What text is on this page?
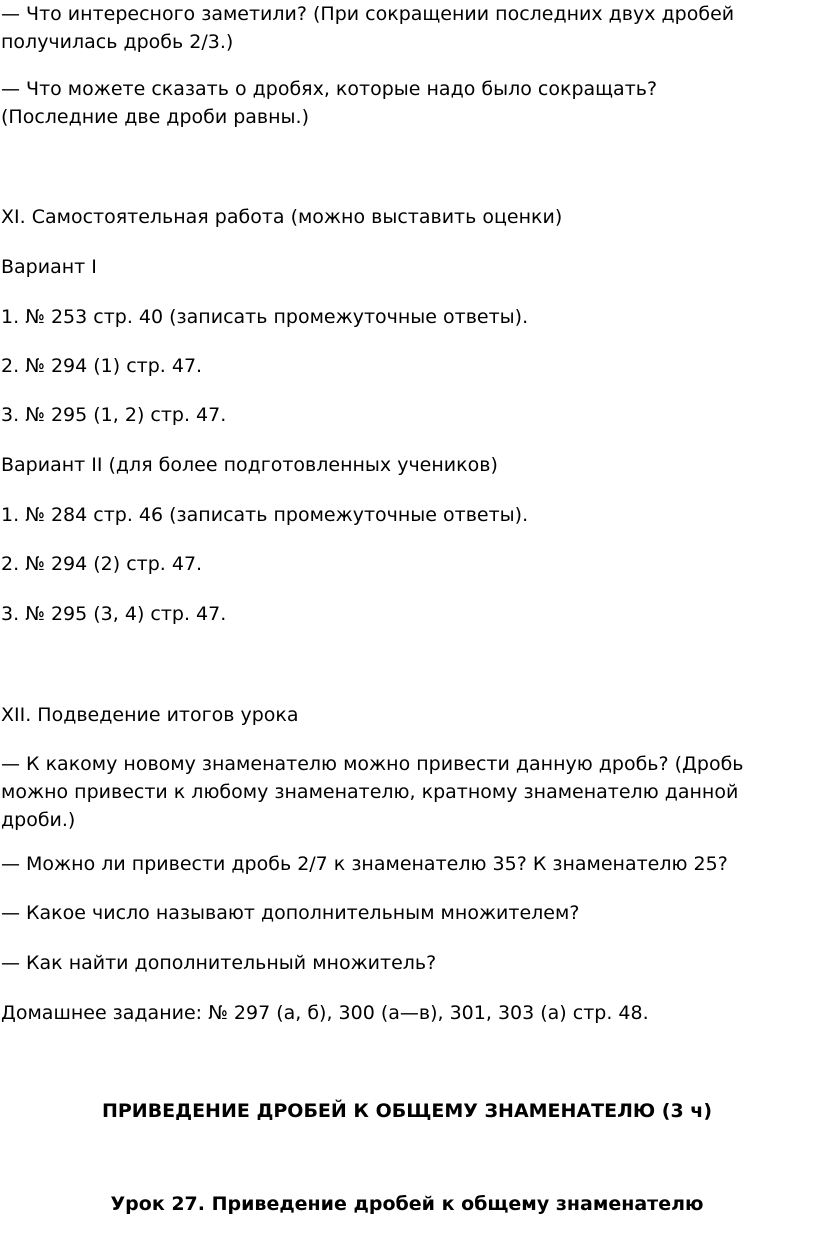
— Что интересного заметили? (При сокращении последних двух дробей получилась дробь 2/3.)

— Что можете сказать о дробях, которые надо было сокращать? (Последние две дроби равны.)

XI. Самостоятельная работа (можно выставить оценки)

Вариант I

1. № 253 стр. 40 (записать промежуточные ответы).

2. № 294 (1) стр. 47.

3. № 295 (1, 2) стр. 47.

Вариант II (для более подготовленных учеников)

1. № 284 стр. 46 (записать промежуточные ответы).

2. № 294 (2) стр. 47.

3. № 295 (3, 4) стр. 47.

XII. Подведение итогов урока

— К какому новому знаменателю можно привести данную дробь? (Дробь можно привести к любому знаменателю, кратному знаменателю данной дроби.)

— Можно ли привести дробь 2/7 к знаменателю 35? К знаменателю 25?

— Какое число называют дополнительным множителем?

— Как найти дополнительный множитель?

Домашнее задание: № 297 (а, б), 300 (а—в), 301, 303 (а) стр. 48.

ПРИВЕДЕНИЕ ДРОБЕЙ К ОБЩЕМУ ЗНАМЕНАТЕЛЮ (3 ч)
Урок 27. Приведение дробей к общему знаменателю
